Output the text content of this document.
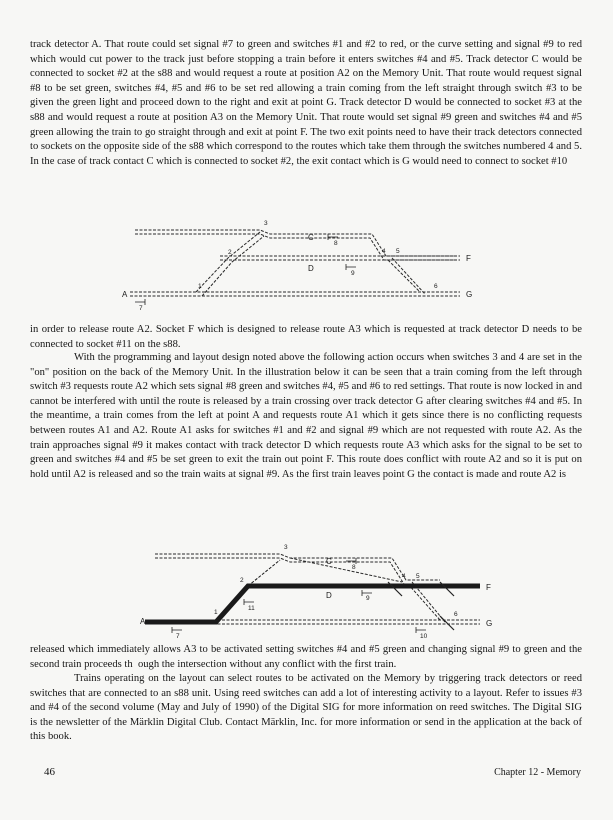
track detector A. That route could set signal #7 to green and switches #1 and #2 to red, or the curve setting and signal #9 to red which would cut power to the track just before stopping a train before it enters switches #4 and #5. Track detector C would be connected to socket #2 at the s88 and would request a route at position A2 on the Memory Unit. That route would request signal #8 to be set green, switches #4, #5 and #6 to be set red allowing a train coming from the left straight through switch #3 to be given the green light and proceed down to the right and exit at point G. Track detector D would be connected to socket #3 at the s88 and would request a route at position A3 on the Memory Unit. That route would set signal #9 green and switches #4 and #5 green allowing the train to go straight through and exit at point F. The two exit points need to have their track detectors connected to sockets on the opposite side of the s88 which correspond to the routes which take them through the switches numbered 4 and 5. In the case of track contact C which is connected to socket #2, the exit contact which is G would need to connect to socket #10

1
2
3
4 5
6
7
8
9
A
C
D
F
G

in order to release route A2. Socket F which is designed to release route A3 which is requested at track detector D needs to be connected to socket #11 on the s88.

With the programming and layout design noted above the following action occurs when switches 3 and 4 are set in the "on" position on the back of the Memory Unit. In the illustration below it can be seen that a train coming from the left through switch #3 requests route A2 which sets signal #8 green and switches #4, #5 and #6 to red settings. That route is now locked in and cannot be interfered with until the route is released by a train crossing over track detector G after clearing switches #4 and #5. In the meantime, a train comes from the left at point A and requests route A1 which it gets since there is no conflicting requests between routes A1 and A2. Route A1 asks for switches #1 and #2 and signal #9 which are not requested with route A2. As the train approaches signal #9 it makes contact with track detector D which requests route A3 which asks for the signal to be set to green and switches #4 and #5 be set green to exit the train out point F. This route does conflict with route A2 and so it is put on hold until A2 is released and so the train waits at signal #9. As the first train leaves point G the contact is made and route A2 is

1
2
3
4 5
6
7
8
9
10
11
A
C
D
F
G

released which immediately allows A3 to be activated setting switches #4 and #5 green and changing signal #9 to green and the second train proceeds th ough the intersection without any conflict with the first train.

Trains operating on the layout can select routes to be activated on the Memory by triggering track detectors or reed switches that are connected to an s88 unit. Using reed switches can add a lot of interesting activity to a layout. Refer to issues #3 and #4 of the second volume (May and July of 1990) of the Digital SIG for more information on reed switches. The Digital SIG is the newsletter of the Märklin Digital Club. Contact Märklin, Inc. for more information or send in the application at the back of this book.

46	Chapter 12 - Memory
